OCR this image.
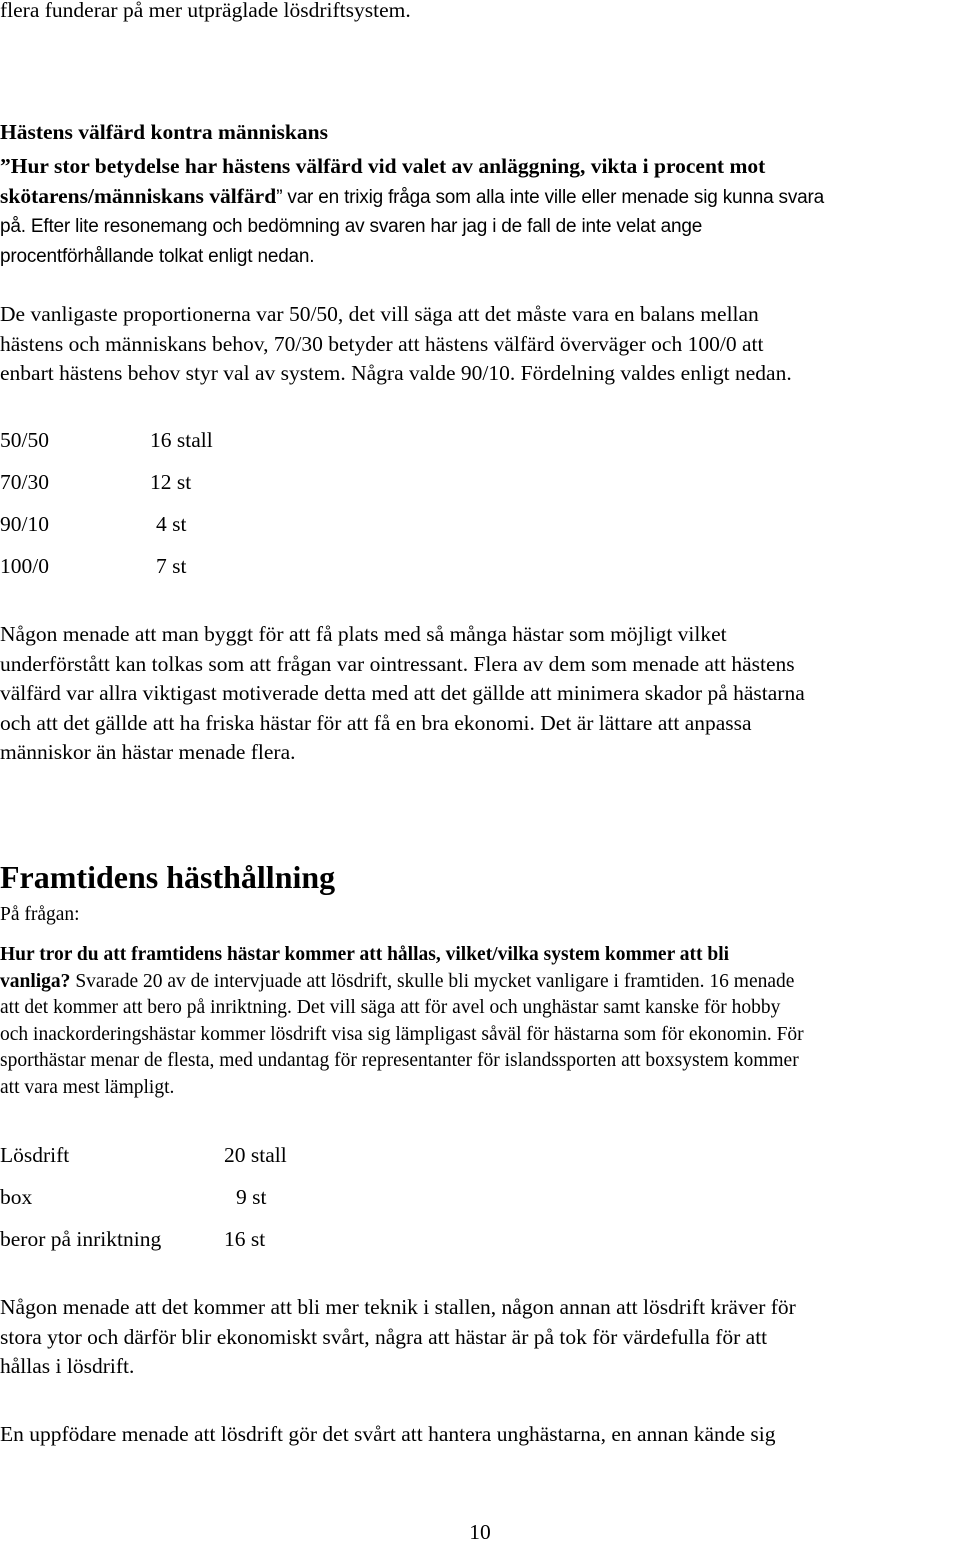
flera funderar på mer utpräglade lösdriftsystem.

Hästens välfärd kontra människans

”Hur stor betydelse har hästens välfärd vid valet av anläggning, vikta i procent mot
skötarens/människans välfärd” var en trixig fråga som alla inte ville eller menade sig kunna svara
på. Efter lite resonemang och bedömning av svaren har jag i de fall de inte velat ange
procentförhållande tolkat enligt nedan.
De vanligaste proportionerna var 50/50, det vill säga att det måste vara en balans mellan
hästens och människans behov, 70/30 betyder att hästens välfärd överväger och 100/0 att
enbart hästens behov styr val av system. Några valde 90/10. Fördelning valdes enligt nedan.
50/50	16 stall
70/30	12 st
90/10	4 st
100/0	7 st
Någon menade att man byggt för att få plats med så många hästar som möjligt vilket
underförstått kan tolkas som att frågan var ointressant. Flera av dem som menade att hästens
välfärd var allra viktigast motiverade detta med att det gällde att minimera skador på hästarna
och att det gällde att ha friska hästar för att få en bra ekonomi. Det är lättare att anpassa
människor än hästar menade flera.

Framtidens hästhållning

På frågan:

Hur tror du att framtidens hästar kommer att hållas, vilket/vilka system kommer att bli
vanliga? Svarade 20 av de intervjuade att lösdrift, skulle bli mycket vanligare i framtiden. 16 menade
att det kommer att bero på inriktning. Det vill säga att för avel och unghästar samt kanske för hobby
och inackorderingshästar kommer lösdrift visa sig lämpligast såväl för hästarna som för ekonomin. För
sporthästar menar de flesta, med undantag för representanter för islandssporten att boxsystem kommer
att vara mest lämpligt.
Lösdrift	20 stall
box	9 st
beror på inriktning	16 st
Någon menade att det kommer att bli mer teknik i stallen, någon annan att lösdrift kräver för
stora ytor och därför blir ekonomiskt svårt, några att hästar är på tok för värdefulla för att
hållas i lösdrift.

En uppfödare menade att lösdrift gör det svårt att hantera unghästarna, en annan kände sig

10
